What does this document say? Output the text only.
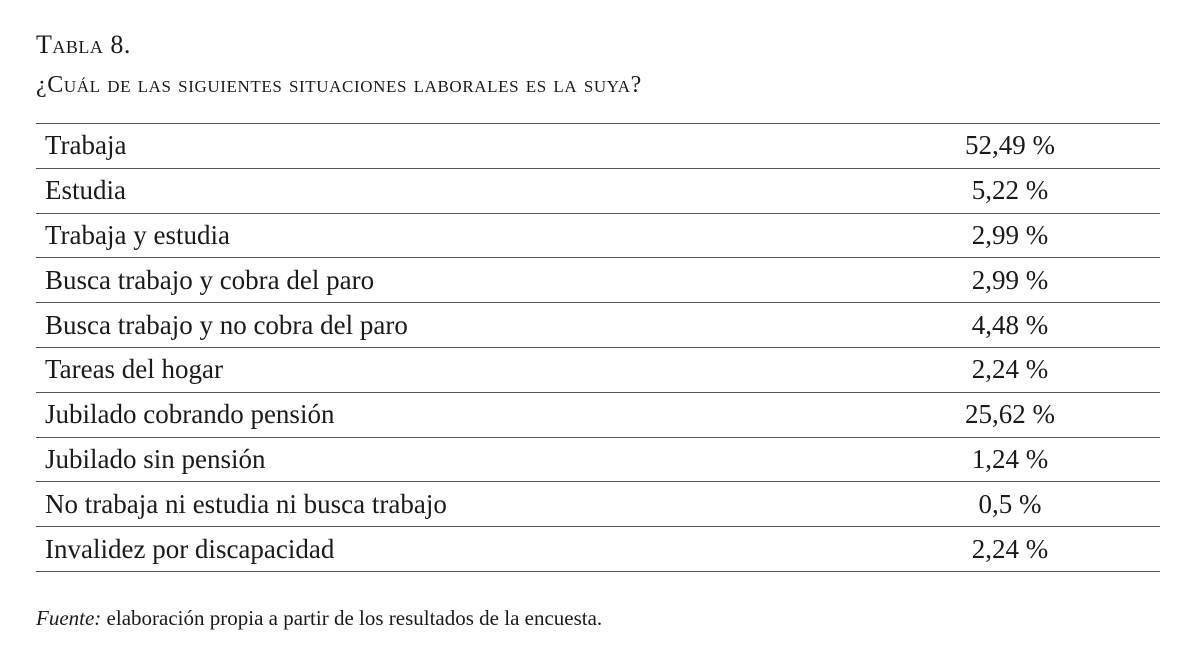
Tabla 8.

¿Cuál de las siguientes situaciones laborales es la suya?

Trabaja	52,49 %
Estudia	5,22 %
Trabaja y estudia	2,99 %
Busca trabajo y cobra del paro	2,99 %
Busca trabajo y no cobra del paro	4,48 %
Tareas del hogar	2,24 %
Jubilado cobrando pensión	25,62 %
Jubilado sin pensión	1,24 %
No trabaja ni estudia ni busca trabajo	0,5 %
Invalidez por discapacidad	2,24 %
Fuente: elaboración propia a partir de los resultados de la encuesta.
